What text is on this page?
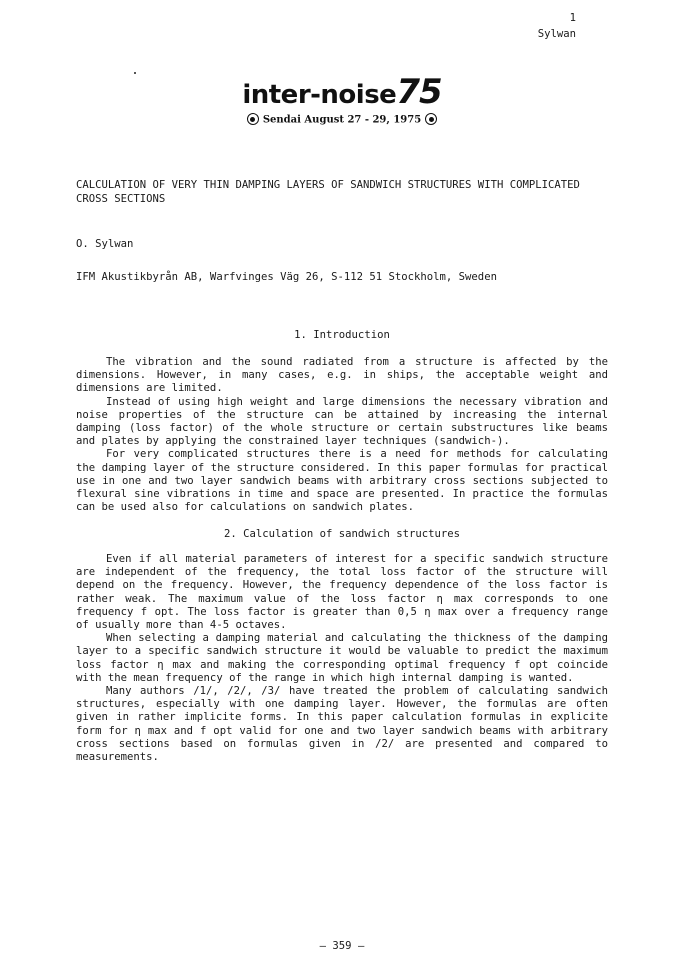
1
Sylwan
inter-noise75
Sendai August 27 - 29, 1975
CALCULATION OF VERY THIN DAMPING LAYERS OF SANDWICH STRUCTURES WITH COMPLICATED CROSS SECTIONS
O. Sylwan
IFM Akustikbyrån AB, Warfvinges Väg 26, S-112 51 Stockholm, Sweden
1. Introduction

The vibration and the sound radiated from a structure is affected by the dimensions. However, in many cases, e.g. in ships, the acceptable weight and dimensions are limited.

Instead of using high weight and large dimensions the necessary vibration and noise properties of the structure can be attained by increasing the internal damping (loss factor) of the whole structure or certain substructures like beams and plates by applying the constrained layer techniques (sandwich-).

For very complicated structures there is a need for methods for calculating the damping layer of the structure considered. In this paper formulas for practical use in one and two layer sandwich beams with arbitrary cross sections subjected to flexural sine vibrations in time and space are presented. In practice the formulas can be used also for calculations on sandwich plates.

2. Calculation of sandwich structures

Even if all material parameters of interest for a specific sandwich structure are independent of the frequency, the total loss factor of the structure will depend on the frequency. However, the frequency dependence of the loss factor is rather weak. The maximum value of the loss factor η max corresponds to one frequency f opt. The loss factor is greater than 0,5 η max over a frequency range of usually more than 4-5 octaves.

When selecting a damping material and calculating the thickness of the damping layer to a specific sandwich structure it would be valuable to predict the maximum loss factor η max and making the corresponding optimal frequency f opt coincide with the mean frequency of the range in which high internal damping is wanted.

Many authors /1/, /2/, /3/ have treated the problem of calculating sandwich structures, especially with one damping layer. However, the formulas are often given in rather implicite forms. In this paper calculation formulas in explicite form for η max and f opt valid for one and two layer sandwich beams with arbitrary cross sections based on formulas given in /2/ are presented and compared to measurements.

— 359 —
